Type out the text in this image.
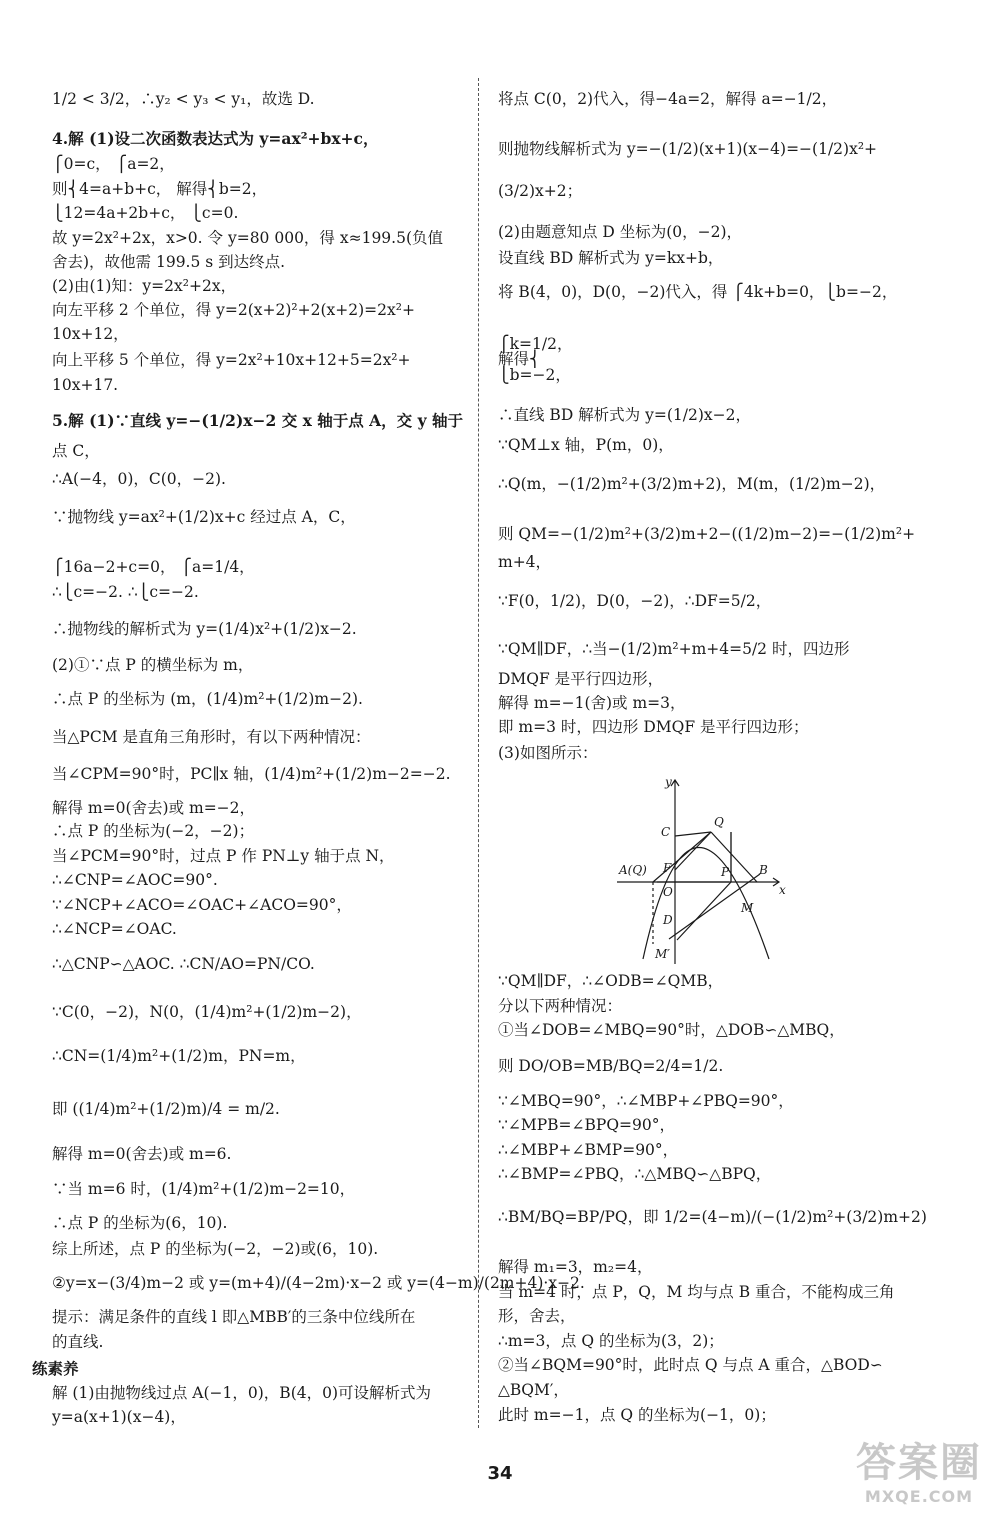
1/2 < 3/2，∴y₂ < y₃ < y₁，故选 D.
4.解 (1)设二次函数表达式为 y=ax²+bx+c，
⎧0=c， ⎧a=2，
则⎨4=a+b+c， 解得⎨b=2，
⎩12=4a+2b+c， ⎩c=0.
故 y=2x²+2x，x>0. 令 y=80 000，得 x≈199.5(负值
舍去)，故他需 199.5 s 到达终点.
(2)由(1)知：y=2x²+2x，
向左平移 2 个单位，得 y=2(x+2)²+2(x+2)=2x²+
10x+12，
向上平移 5 个单位，得 y=2x²+10x+12+5=2x²+
10x+17.
5.解 (1)∵直线 y=−(1/2)x−2 交 x 轴于点 A，交 y 轴于
点 C，
∴A(−4，0)，C(0，−2).
∵抛物线 y=ax²+(1/2)x+c 经过点 A，C，
⎧16a−2+c=0， ⎧a=1/4，
∴⎩c=−2. ∴⎩c=−2.
∴抛物线的解析式为 y=(1/4)x²+(1/2)x−2.
(2)①∵点 P 的横坐标为 m，
∴点 P 的坐标为 (m，(1/4)m²+(1/2)m−2).
当△PCM 是直角三角形时，有以下两种情况：
当∠CPM=90°时，PC∥x 轴，(1/4)m²+(1/2)m−2=−2.
解得 m=0(舍去)或 m=−2，
∴点 P 的坐标为(−2，−2)；
当∠PCM=90°时，过点 P 作 PN⊥y 轴于点 N，
∴∠CNP=∠AOC=90°.
∵∠NCP+∠ACO=∠OAC+∠ACO=90°，
∴∠NCP=∠OAC.
∴△CNP∽△AOC. ∴CN/AO=PN/CO.
∵C(0，−2)，N(0，(1/4)m²+(1/2)m−2)，
∴CN=(1/4)m²+(1/2)m，PN=m，
即 ((1/4)m²+(1/2)m)/4 = m/2.
解得 m=0(舍去)或 m=6.
∵当 m=6 时，(1/4)m²+(1/2)m−2=10，
∴点 P 的坐标为(6，10).
综上所述，点 P 的坐标为(−2，−2)或(6，10).
②y=x−(3/4)m−2 或 y=(m+4)/(4−2m)·x−2 或 y=(4−m)/(2m+4)·x−2.
提示：满足条件的直线 l 即△MBB′的三条中位线所在
的直线.
练素养
解 (1)由抛物线过点 A(−1，0)，B(4，0)可设解析式为
y=a(x+1)(x−4)，
将点 C(0，2)代入，得−4a=2，解得 a=−1/2，
则抛物线解析式为 y=−(1/2)(x+1)(x−4)=−(1/2)x²+
(3/2)x+2；
(2)由题意知点 D 坐标为(0，−2)，
设直线 BD 解析式为 y=kx+b，
将 B(4，0)，D(0，−2)代入，得 ⎧4k+b=0，⎩b=−2，
⎧k=1/2，
解得⎨
⎩b=−2，
∴直线 BD 解析式为 y=(1/2)x−2，
∵QM⊥x 轴，P(m，0)，
∴Q(m，−(1/2)m²+(3/2)m+2)，M(m，(1/2)m−2)，
则 QM=−(1/2)m²+(3/2)m+2−((1/2)m−2)=−(1/2)m²+
m+4，
∵F(0，1/2)，D(0，−2)，∴DF=5/2，
∵QM∥DF，∴当−(1/2)m²+m+4=5/2 时，四边形
DMQF 是平行四边形，
解得 m=−1(舍)或 m=3，
即 m=3 时，四边形 DMQF 是平行四边形；
(3)如图所示：
∵QM∥DF，∴∠ODB=∠QMB，
分以下两种情况：
①当∠DOB=∠MBQ=90°时，△DOB∽△MBQ，
则 DO/OB=MB/BQ=2/4=1/2.
∵∠MBQ=90°，∴∠MBP+∠PBQ=90°，
∵∠MPB=∠BPQ=90°，
∴∠MBP+∠BMP=90°，
∴∠BMP=∠PBQ，∴△MBQ∽△BPQ，
∴BM/BQ=BP/PQ，即 1/2=(4−m)/(−(1/2)m²+(3/2)m+2)
解得 m₁=3，m₂=4，
当 m=4 时，点 P，Q，M 均与点 B 重合，不能构成三角
形，舍去，
∴m=3，点 Q 的坐标为(3，2)；
②当∠BQM=90°时，此时点 Q 与点 A 重合，△BOD∽
△BQM′，
此时 m=−1，点 Q 的坐标为(−1，0)；
y
x
C
Q
A(Q) F	P B
O
M
D
M′
34	答案圈
MXQE.COM
